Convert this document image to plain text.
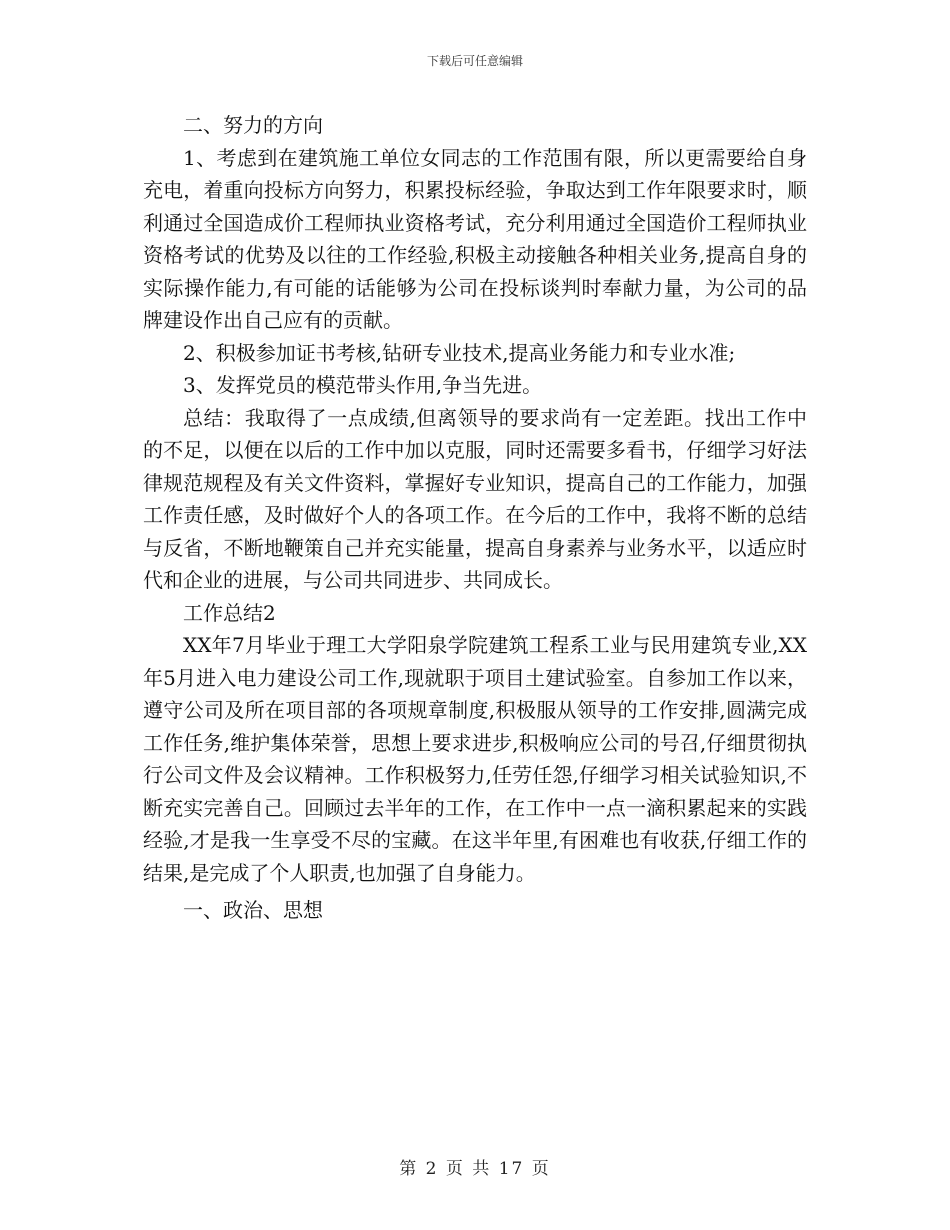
下载后可任意编辑

二、努力的方向

1、考虑到在建筑施工单位女同志的工作范围有限，所以更需要给自身充电，着重向投标方向努力，积累投标经验，争取达到工作年限要求时，顺利通过全国造成价工程师执业资格考试，充分利用通过全国造价工程师执业资格考试的优势及以往的工作经验,积极主动接触各种相关业务,提高自身的实际操作能力,有可能的话能够为公司在投标谈判时奉献力量，为公司的品牌建设作出自己应有的贡献。

2、积极参加证书考核,钻研专业技术,提高业务能力和专业水准;

3、发挥党员的模范带头作用,争当先进。

总结：我取得了一点成绩,但离领导的要求尚有一定差距。找出工作中的不足，以便在以后的工作中加以克服，同时还需要多看书，仔细学习好法律规范规程及有关文件资料，掌握好专业知识，提高自己的工作能力，加强工作责任感，及时做好个人的各项工作。在今后的工作中，我将不断的总结与反省，不断地鞭策自己并充实能量，提高自身素养与业务水平，以适应时代和企业的进展，与公司共同进步、共同成长。

工作总结2

XX年7月毕业于理工大学阳泉学院建筑工程系工业与民用建筑专业,XX年5月进入电力建设公司工作,现就职于项目土建试验室。自参加工作以来，遵守公司及所在项目部的各项规章制度,积极服从领导的工作安排,圆满完成工作任务,维护集体荣誉，思想上要求进步,积极响应公司的号召,仔细贯彻执行公司文件及会议精神。工作积极努力,任劳任怨,仔细学习相关试验知识,不断充实完善自己。回顾过去半年的工作，在工作中一点一滴积累起来的实践经验,才是我一生享受不尽的宝藏。在这半年里,有困难也有收获,仔细工作的结果,是完成了个人职责,也加强了自身能力。

一、政治、思想

第 2 页 共 17 页
